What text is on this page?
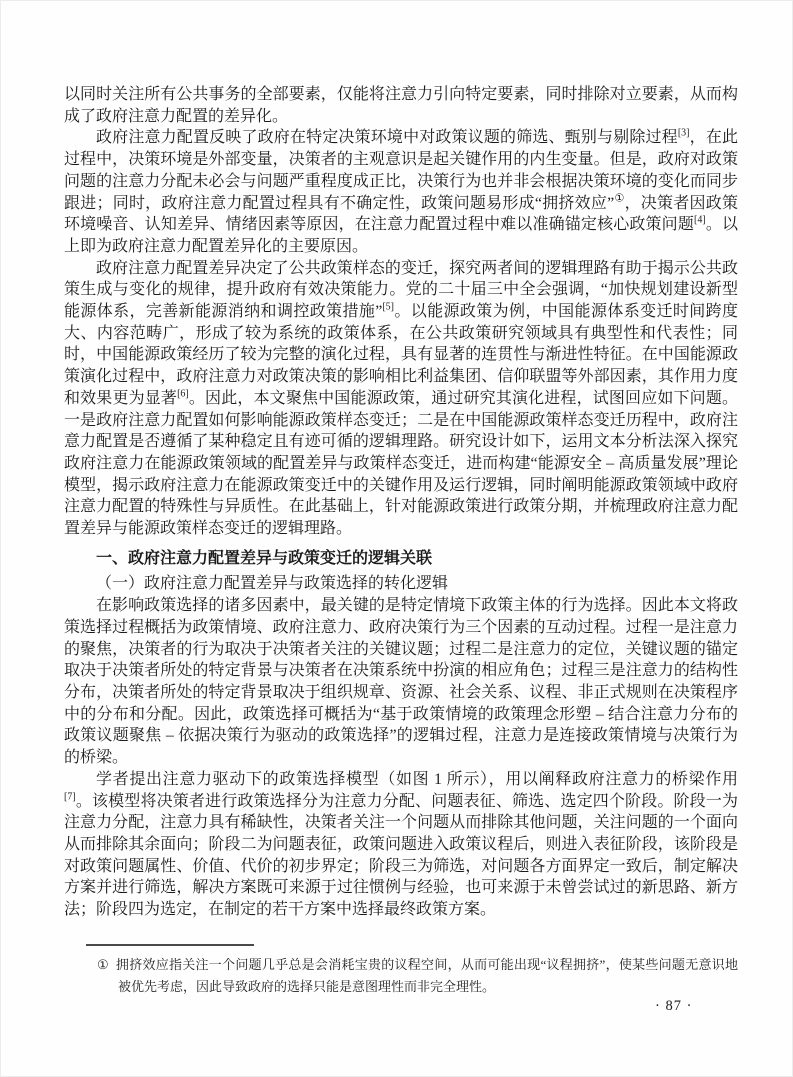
以同时关注所有公共事务的全部要素，仅能将注意力引向特定要素，同时排除对立要素，从而构成了政府注意力配置的差异化。

政府注意力配置反映了政府在特定决策环境中对政策议题的筛选、甄别与剔除过程[3]，在此过程中，决策环境是外部变量，决策者的主观意识是起关键作用的内生变量。但是，政府对政策问题的注意力分配未必会与问题严重程度成正比，决策行为也并非会根据决策环境的变化而同步跟进；同时，政府注意力配置过程具有不确定性，政策问题易形成“拥挤效应”①，决策者因政策环境噪音、认知差异、情绪因素等原因，在注意力配置过程中难以准确锚定核心政策问题[4]。以上即为政府注意力配置差异化的主要原因。

政府注意力配置差异决定了公共政策样态的变迁，探究两者间的逻辑理路有助于揭示公共政策生成与变化的规律，提升政府有效决策能力。党的二十届三中全会强调，“加快规划建设新型能源体系，完善新能源消纳和调控政策措施”[5]。以能源政策为例，中国能源体系变迁时间跨度大、内容范畴广，形成了较为系统的政策体系，在公共政策研究领域具有典型性和代表性；同时，中国能源政策经历了较为完整的演化过程，具有显著的连贯性与渐进性特征。在中国能源政策演化过程中，政府注意力对政策决策的影响相比利益集团、信仰联盟等外部因素，其作用力度和效果更为显著[6]。因此，本文聚焦中国能源政策，通过研究其演化进程，试图回应如下问题。一是政府注意力配置如何影响能源政策样态变迁；二是在中国能源政策样态变迁历程中，政府注意力配置是否遵循了某种稳定且有迹可循的逻辑理路。研究设计如下，运用文本分析法深入探究政府注意力在能源政策领域的配置差异与政策样态变迁，进而构建“能源安全 – 高质量发展”理论模型，揭示政府注意力在能源政策变迁中的关键作用及运行逻辑，同时阐明能源政策领域中政府注意力配置的特殊性与异质性。在此基础上，针对能源政策进行政策分期，并梳理政府注意力配置差异与能源政策样态变迁的逻辑理路。

一、政府注意力配置差异与政策变迁的逻辑关联
（一）政府注意力配置差异与政策选择的转化逻辑

在影响政策选择的诸多因素中，最关键的是特定情境下政策主体的行为选择。因此本文将政策选择过程概括为政策情境、政府注意力、政府决策行为三个因素的互动过程。过程一是注意力的聚焦，决策者的行为取决于决策者关注的关键议题；过程二是注意力的定位，关键议题的锚定取决于决策者所处的特定背景与决策者在决策系统中扮演的相应角色；过程三是注意力的结构性分布，决策者所处的特定背景取决于组织规章、资源、社会关系、议程、非正式规则在决策程序中的分布和分配。因此，政策选择可概括为“基于政策情境的政策理念形塑 – 结合注意力分布的政策议题聚焦 – 依据决策行为驱动的政策选择”的逻辑过程，注意力是连接政策情境与决策行为的桥梁。

学者提出注意力驱动下的政策选择模型（如图 1 所示），用以阐释政府注意力的桥梁作用[7]。该模型将决策者进行政策选择分为注意力分配、问题表征、筛选、选定四个阶段。阶段一为注意力分配，注意力具有稀缺性，决策者关注一个问题从而排除其他问题，关注问题的一个面向从而排除其余面向；阶段二为问题表征，政策问题进入政策议程后，则进入表征阶段，该阶段是对政策问题属性、价值、代价的初步界定；阶段三为筛选，对问题各方面界定一致后，制定解决方案并进行筛选，解决方案既可来源于过往惯例与经验，也可来源于未曾尝试过的新思路、新方法；阶段四为选定，在制定的若干方案中选择最终政策方案。

① 拥挤效应指关注一个问题几乎总是会消耗宝贵的议程空间，从而可能出现“议程拥挤”，使某些问题无意识地被优先考虑，因此导致政府的选择只能是意图理性而非完全理性。
· 87 ·
